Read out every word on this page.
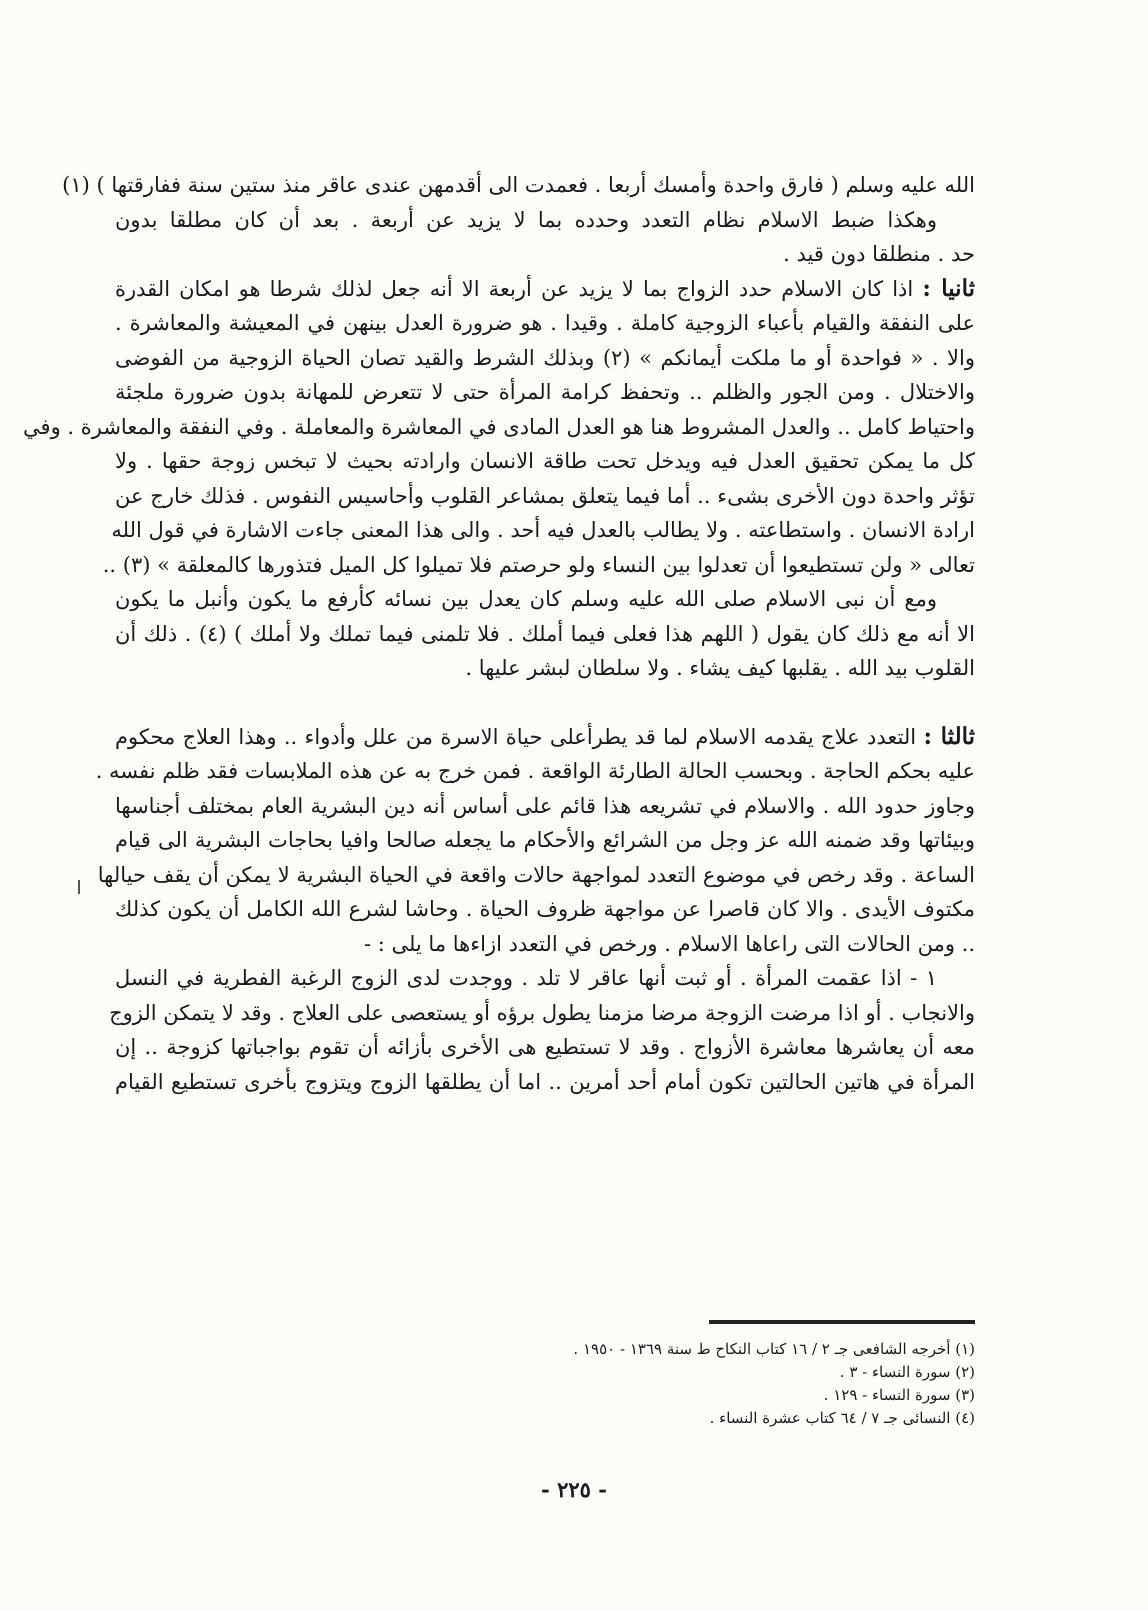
الله عليه وسلم ( فارق واحدة وأمسك أربعا . فعمدت الى أقدمهن عندى عاقر منذ ستين سنة ففارقتها ) (١)
وهكذا ضبط الاسلام نظام التعدد وحدده بما لا يزيد عن أربعة . بعد أن كان مطلقا بدون
حد . منطلقا دون قيد .
ثانيا : اذا كان الاسلام حدد الزواج بما لا يزيد عن أربعة الا أنه جعل لذلك شرطا هو امكان القدرة
على النفقة والقيام بأعباء الزوجية كاملة . وقيدا . هو ضرورة العدل بينهن في المعيشة والمعاشرة .
والا . « فواحدة أو ما ملكت أيمانكم » (٢) وبذلك الشرط والقيد تصان الحياة الزوجية من الفوضى
والاختلال . ومن الجور والظلم .. وتحفظ كرامة المرأة حتى لا تتعرض للمهانة بدون ضرورة ملجئة
واحتياط كامل .. والعدل المشروط هنا هو العدل المادى في المعاشرة والمعاملة . وفي النفقة والمعاشرة . وفي
كل ما يمكن تحقيق العدل فيه ويدخل تحت طاقة الانسان وارادته بحيث لا تبخس زوجة حقها . ولا
تؤثر واحدة دون الأخرى بشىء .. أما فيما يتعلق بمشاعر القلوب وأحاسيس النفوس . فذلك خارج عن
ارادة الانسان . واستطاعته . ولا يطالب بالعدل فيه أحد . والى هذا المعنى جاءت الاشارة في قول الله
تعالى « ولن تستطيعوا أن تعدلوا بين النساء ولو حرصتم فلا تميلوا كل الميل فتذورها كالمعلقة » (٣) ..
ومع أن نبى الاسلام صلى الله عليه وسلم كان يعدل بين نسائه كأرفع ما يكون وأنبل ما يكون
الا أنه مع ذلك كان يقول ( اللهم هذا فعلى فيما أملك . فلا تلمنى فيما تملك ولا أملك ) (٤) . ذلك أن
القلوب بيد الله . يقلبها كيف يشاء . ولا سلطان لبشر عليها .
ثالثا : التعدد علاج يقدمه الاسلام لما قد يطرأعلى حياة الاسرة من علل وأدواء .. وهذا العلاج محكوم
عليه بحكم الحاجة . وبحسب الحالة الطارئة الواقعة . فمن خرج به عن هذه الملابسات فقد ظلم نفسه .
وجاوز حدود الله . والاسلام في تشريعه هذا قائم على أساس أنه دين البشرية العام بمختلف أجناسها
وبيئاتها وقد ضمنه الله عز وجل من الشرائع والأحكام ما يجعله صالحا وافيا بحاجات البشرية الى قيام
الساعة . وقد رخص في موضوع التعدد لمواجهة حالات واقعة في الحياة البشرية لا يمكن أن يقف حيالها
مكتوف الأيدى . والا كان قاصرا عن مواجهة ظروف الحياة . وحاشا لشرع الله الكامل أن يكون كذلك
.. ومن الحالات التى راعاها الاسلام . ورخص في التعدد ازاءها ما يلى : -
١ - اذا عقمت المرأة . أو ثبت أنها عاقر لا تلد . ووجدت لدى الزوج الرغبة الفطرية في النسل
والانجاب . أو اذا مرضت الزوجة مرضا مزمنا يطول برؤه أو يستعصى على العلاج . وقد لا يتمكن الزوج
معه أن يعاشرها معاشرة الأزواج . وقد لا تستطيع هى الأخرى بأزائه أن تقوم بواجباتها كزوجة .. إن
المرأة في هاتين الحالتين تكون أمام أحد أمرين .. اما أن يطلقها الزوج ويتزوج بأخرى تستطيع القيام
(١) أخرجه الشافعى جـ ٢ / ١٦ كتاب النكاح ط سنة ١٣٦٩ - ١٩٥٠ .
(٢) سورة النساء - ٣ .
(٣) سورة النساء - ١٢٩ .
(٤) النسائى جـ ٧ / ٦٤ كتاب عشرة النساء .
- ٢٢٥ -
